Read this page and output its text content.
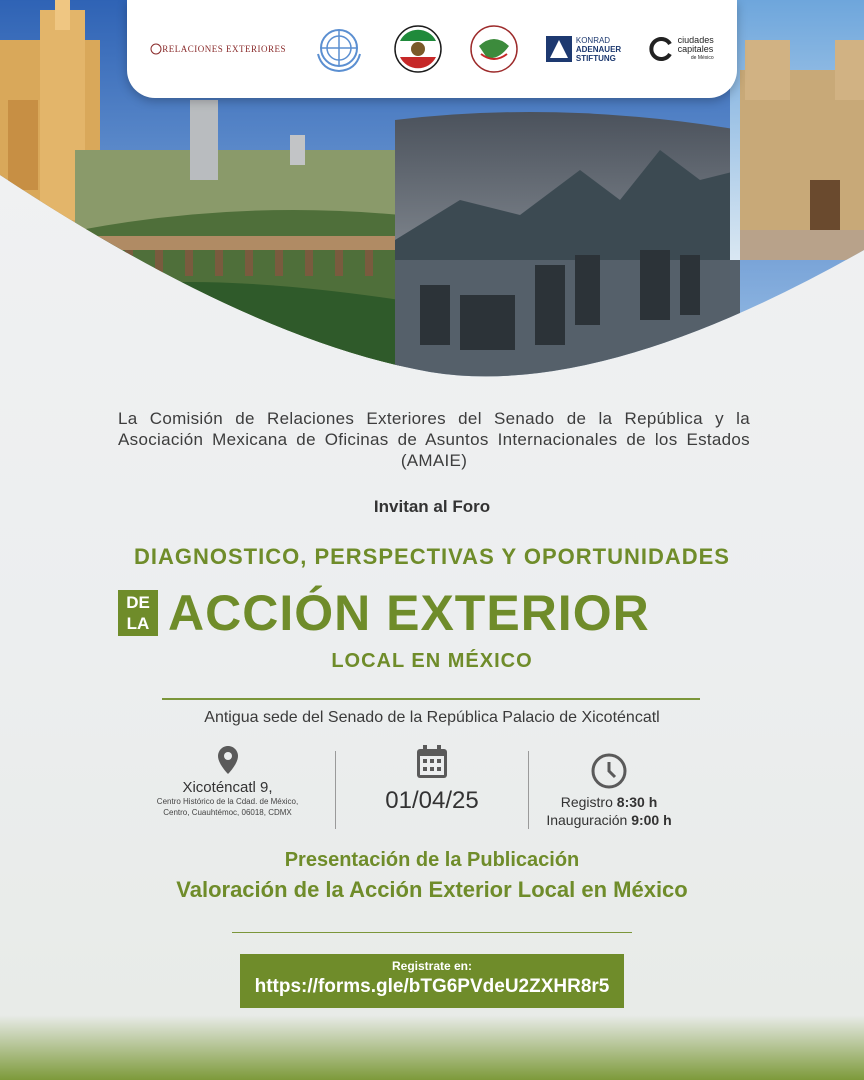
RELACIONES EXTERIORES
KONRAD
ADENAUER
STIFTUNG
ciudades
capitales
de México
La Comisión de Relaciones Exteriores del Senado de la República y la Asociación Mexicana de Oficinas de Asuntos Internacionales de los Estados (AMAIE)
Invitan al Foro
DIAGNOSTICO, PERSPECTIVAS Y OPORTUNIDADES
DE
LA ACCIÓN EXTERIOR
LOCAL EN MÉXICO
Antigua sede del Senado de la República Palacio de Xicoténcatl
Xicoténcatl 9,
Centro Histórico de la Cdad. de México,
Centro, Cuauhtémoc, 06018, CDMX	01/04/25	Registro 8:30 h
Inauguración 9:00 h
Presentación de la Publicación
Valoración de la Acción Exterior Local en México
Registrate en:
https://forms.gle/bTG6PVdeU2ZXHR8r5
